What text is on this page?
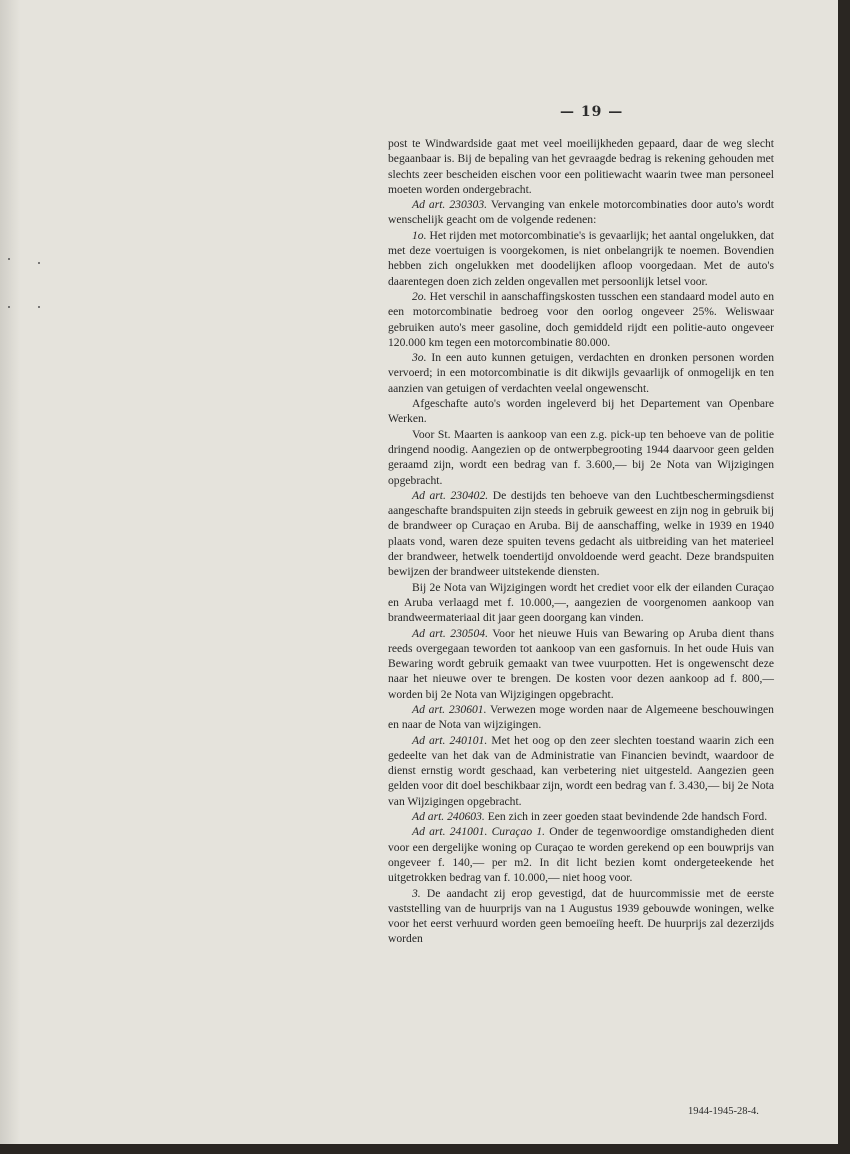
— 19 —

post te Windwardside gaat met veel moeilijkheden gepaard, daar de weg slecht begaanbaar is. Bij de bepaling van het gevraagde bedrag is rekening gehouden met slechts zeer bescheiden eischen voor een politiewacht waarin twee man personeel moeten worden ondergebracht.

Ad art. 230303. Vervanging van enkele motorcombinaties door auto's wordt wenschelijk geacht om de volgende redenen:

1o. Het rijden met motorcombinatie's is gevaarlijk; het aantal ongelukken, dat met deze voertuigen is voorgekomen, is niet onbelangrijk te noemen. Bovendien hebben zich ongelukken met doodelijken afloop voorgedaan. Met de auto's daarentegen doen zich zelden ongevallen met persoonlijk letsel voor.

2o. Het verschil in aanschaffingskosten tusschen een standaard model auto en een motorcombinatie bedroeg voor den oorlog ongeveer 25%. Weliswaar gebruiken auto's meer gasoline, doch gemiddeld rijdt een politie-auto ongeveer 120.000 km tegen een motorcombinatie 80.000.

3o. In een auto kunnen getuigen, verdachten en dronken personen worden vervoerd; in een motorcombinatie is dit dikwijls gevaarlijk of onmogelijk en ten aanzien van getuigen of verdachten veelal ongewenscht.

Afgeschafte auto's worden ingeleverd bij het Departement van Openbare Werken.

Voor St. Maarten is aankoop van een z.g. pick-up ten behoeve van de politie dringend noodig. Aangezien op de ontwerpbegrooting 1944 daarvoor geen gelden geraamd zijn, wordt een bedrag van f. 3.600,— bij 2e Nota van Wijzigingen opgebracht.

Ad art. 230402. De destijds ten behoeve van den Luchtbeschermingsdienst aangeschafte brandspuiten zijn steeds in gebruik geweest en zijn nog in gebruik bij de brandweer op Curaçao en Aruba. Bij de aanschaffing, welke in 1939 en 1940 plaats vond, waren deze spuiten tevens gedacht als uitbreiding van het materieel der brandweer, hetwelk toendertijd onvoldoende werd geacht. Deze brandspuiten bewijzen der brandweer uitstekende diensten.

Bij 2e Nota van Wijzigingen wordt het crediet voor elk der eilanden Curaçao en Aruba verlaagd met f. 10.000,—, aangezien de voorgenomen aankoop van brandweermateriaal dit jaar geen doorgang kan vinden.

Ad art. 230504. Voor het nieuwe Huis van Bewaring op Aruba dient thans reeds overgegaan teworden tot aankoop van een gasfornuis. In het oude Huis van Bewaring wordt gebruik gemaakt van twee vuurpotten. Het is ongewenscht deze naar het nieuwe over te brengen. De kosten voor dezen aankoop ad f. 800,— worden bij 2e Nota van Wijzigingen opgebracht.

Ad art. 230601. Verwezen moge worden naar de Algemeene beschouwingen en naar de Nota van wijzigingen.

Ad art. 240101. Met het oog op den zeer slechten toestand waarin zich een gedeelte van het dak van de Administratie van Financien bevindt, waardoor de dienst ernstig wordt geschaad, kan verbetering niet uitgesteld. Aangezien geen gelden voor dit doel beschikbaar zijn, wordt een bedrag van f. 3.430,— bij 2e Nota van Wijzigingen opgebracht.

Ad art. 240603. Een zich in zeer goeden staat bevindende 2de handsch Ford.

Ad art. 241001. Curaçao 1. Onder de tegenwoordige omstandigheden dient voor een dergelijke woning op Curaçao te worden gerekend op een bouwprijs van ongeveer f. 140,— per m2. In dit licht bezien komt ondergeteekende het uitgetrokken bedrag van f. 10.000,— niet hoog voor.

3. De aandacht zij erop gevestigd, dat de huurcommissie met de eerste vaststelling van de huurprijs van na 1 Augustus 1939 gebouwde woningen, welke voor het eerst verhuurd worden geen bemoeiïng heeft. De huurprijs zal dezerzijds worden

1944-1945-28-4.
